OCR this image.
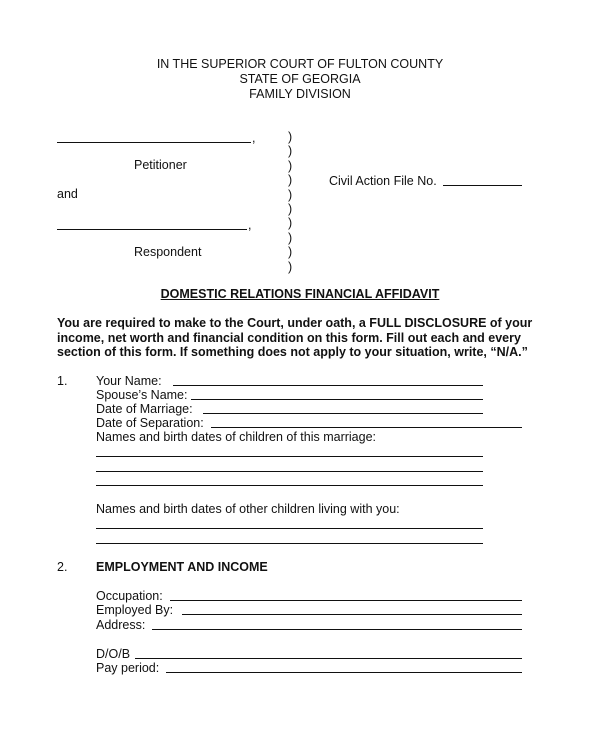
IN THE SUPERIOR COURT OF FULTON COUNTY
STATE OF GEORGIA
FAMILY DIVISION
,
Petitioner
and
,
Respondent
)
)
)
)
)
)
)
)
)
)
Civil Action File No.
DOMESTIC RELATIONS FINANCIAL AFFIDAVIT
You are required to make to the Court, under oath, a FULL DISCLOSURE of your
income, net worth and financial condition on this form. Fill out each and every
section of this form. If something does not apply to your situation, write, “N/A.”
1. Your Name:
Spouse’s Name:
Date of Marriage:
Date of Separation:
Names and birth dates of children of this marriage:
Names and birth dates of other children living with you:
2. EMPLOYMENT AND INCOME
Occupation:
Employed By:
Address:
D/O/B
Pay period:
